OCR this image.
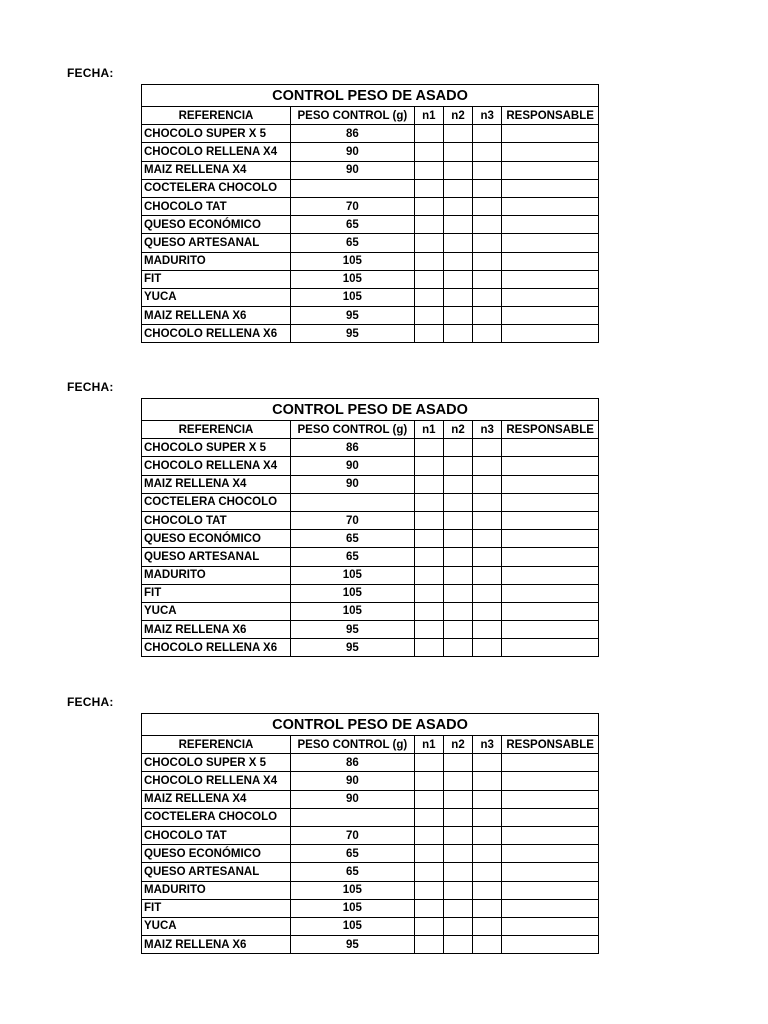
FECHA:
CONTROL PESO DE ASADO					
REFERENCIA	PESO CONTROL (g)	n1	n2	n3	RESPONSABLE
CHOCOLO SUPER X 5	86				
CHOCOLO RELLENA X4	90				
MAIZ RELLENA X4	90				
COCTELERA CHOCOLO					
CHOCOLO TAT	70				
QUESO ECONÓMICO	65				
QUESO ARTESANAL	65				
MADURITO	105				
FIT	105				
YUCA	105				
MAIZ RELLENA X6	95				
CHOCOLO RELLENA X6	95				
FECHA:
CONTROL PESO DE ASADO					
REFERENCIA	PESO CONTROL (g)	n1	n2	n3	RESPONSABLE
CHOCOLO SUPER X 5	86				
CHOCOLO RELLENA X4	90				
MAIZ RELLENA X4	90				
COCTELERA CHOCOLO					
CHOCOLO TAT	70				
QUESO ECONÓMICO	65				
QUESO ARTESANAL	65				
MADURITO	105				
FIT	105				
YUCA	105				
MAIZ RELLENA X6	95				
CHOCOLO RELLENA X6	95				
FECHA:
CONTROL PESO DE ASADO					
REFERENCIA	PESO CONTROL (g)	n1	n2	n3	RESPONSABLE
CHOCOLO SUPER X 5	86				
CHOCOLO RELLENA X4	90				
MAIZ RELLENA X4	90				
COCTELERA CHOCOLO					
CHOCOLO TAT	70				
QUESO ECONÓMICO	65				
QUESO ARTESANAL	65				
MADURITO	105				
FIT	105				
YUCA	105				
MAIZ RELLENA X6	95				
